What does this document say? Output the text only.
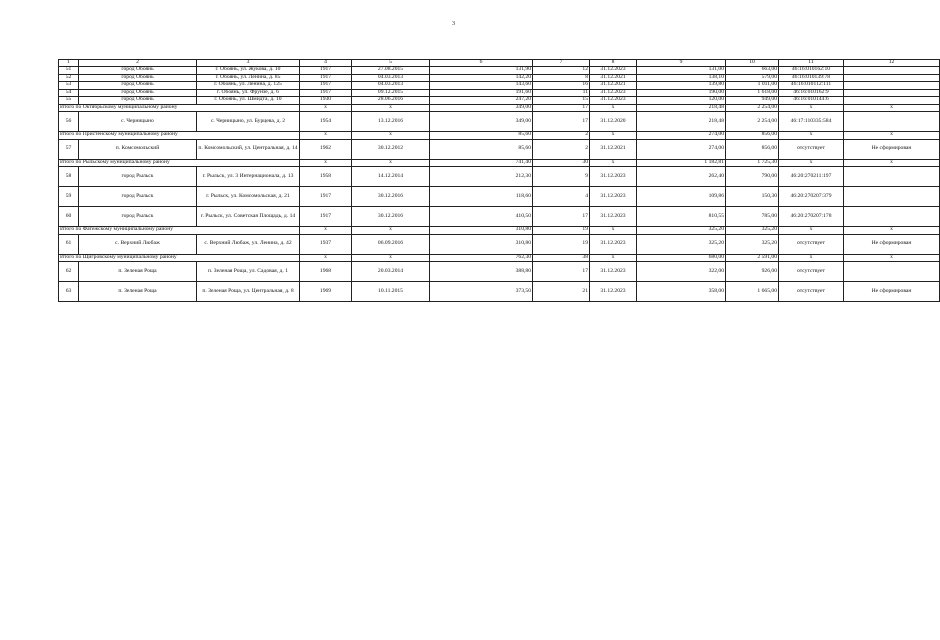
3
1	2	3	4	5	6	7	8	9	10	11	12
51	город Обоянь	г. Обоянь, ул. Жукова, д. 10	1917	27.08.2015	131,90	12	31.12.2023	131,00	663,00	46:16:010162:10	
52	город Обоянь	г. Обоянь, ул. Ленина, д. 85	1917	04.03.2013	142,20	8	31.12.2021	138,10	579,00	46:16:010139:78	
53	город Обоянь	г. Обоянь, ул. Ленина, д. 125	1917	04.03.2013	143,60	16	31.12.2021	139,80	1 011,00	46:16:010112:111	
54	город Обоянь	г. Обоянь, ул. Фрунзе, д. 6	1917	09.12.2015	191,60	11	31.12.2023	190,00	1 618,00	46:16:010162:9	
55	город Обоянь	г. Обоянь, ул. Шмидта, д. 10	1930	28.06.2016	247,20	15	31.12.2023	120,00	949,00	46:16:010144:6	
Итого по Октябрьскому муниципальному району			x	x	349,00	17	x	218,48	2 254,00	x	x
56	с. Черницыно	с. Черницыно, ул. Бурцева, д. 2	1954	13.12.2016	349,00	17	31.12.2020	218,48	2 254,00	46:17:110335:584	
Итого по Пристенскому муниципальному району			x	x	85,60	2	x	274,00	856,00	x	x
57	п. Комсомольский	п. Комсомольский, ул. Центральная, д. 14	1962	30.12.2012	85,60	2	31.12.2021	274,00	856,00	отсутствует	Не сформирован
Итого по Рыльскому муниципальному району			x	x	741,40	30	x	1 182,81	1 725,30	x	x
58	город Рыльск	г. Рыльск, ул. 3 Интернационала, д. 13	1958	14.12.2014	212,30	9	31.12.2023	262,40	790,00	46:20:270211:197	
59	город Рыльск	г. Рыльск, ул. Комсомольская, д. 21	1917	30.12.2016	118,60	4	31.12.2023	109,86	150,30	46:20:270207:379	
60	город Рыльск	г. Рыльск, ул. Советская Площадь, д. 14	1917	30.12.2016	410,50	17	31.12.2023	810,55	785,00	46:20:270207:178	
Итого по Фатежскому муниципальному району			x	x	310,80	19	x	325,20	325,20	x	x
61	с. Верхний Любаж	с. Верхний Любаж, ул. Ленина, д. 42	1937	06.09.2016	310,80	19	31.12.2023	325,20	325,20	отсутствует	Не сформирован
Итого по Щигровскому муниципальному району			x	x	762,30	38	x	680,00	2 591,00	x	x
62	п. Зеленая Роща	п. Зеленая Роща, ул. Садовая, д. 1	1968	20.03.2014	388,80	17	31.12.2023	322,00	926,00	отсутствует	
63	п. Зеленая Роща	п. Зеленая Роща, ул. Центральная, д. 8	1969	10.11.2015	373,50	21	31.12.2023	358,00	1 665,00	отсутствует	Не сформирован
